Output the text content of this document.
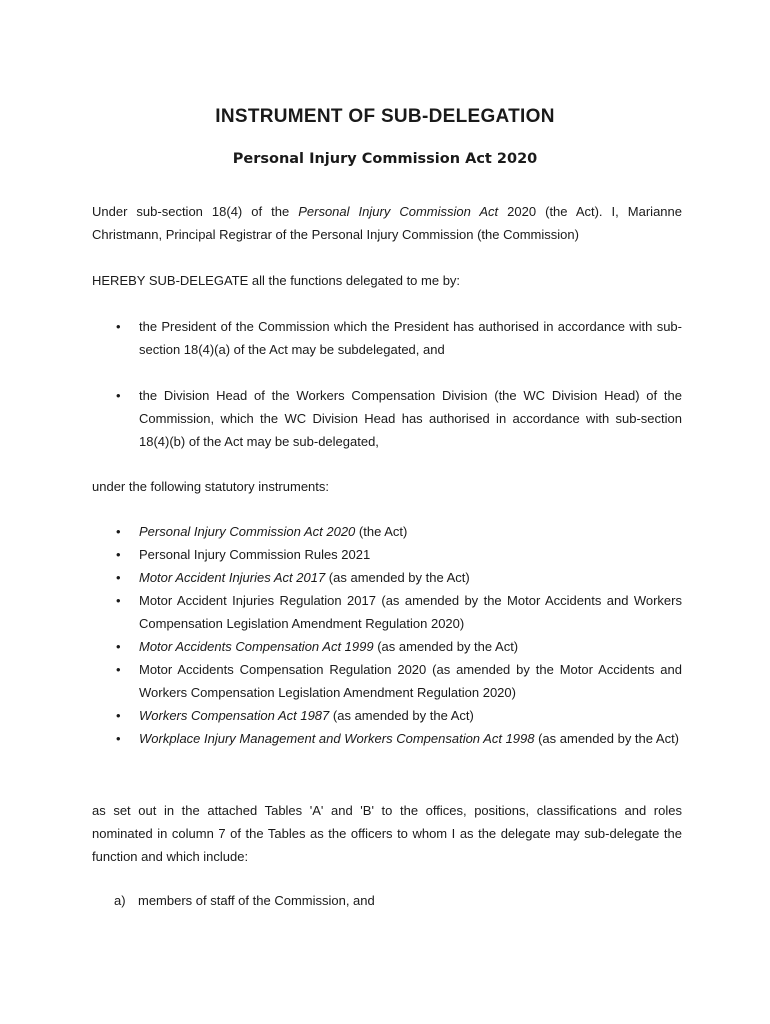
INSTRUMENT OF SUB-DELEGATION
Personal Injury Commission Act 2020
Under sub-section 18(4) of the Personal Injury Commission Act 2020 (the Act). I, Marianne Christmann, Principal Registrar of the Personal Injury Commission (the Commission)
HEREBY SUB-DELEGATE all the functions delegated to me by:
• the President of the Commission which the President has authorised in accordance with sub-section 18(4)(a) of the Act may be subdelegated, and
• the Division Head of the Workers Compensation Division (the WC Division Head) of the Commission, which the WC Division Head has authorised in accordance with sub-section 18(4)(b) of the Act may be sub-delegated,
under the following statutory instruments:
• Personal Injury Commission Act 2020 (the Act)
• Personal Injury Commission Rules 2021
• Motor Accident Injuries Act 2017 (as amended by the Act)
• Motor Accident Injuries Regulation 2017 (as amended by the Motor Accidents and Workers Compensation Legislation Amendment Regulation 2020)
• Motor Accidents Compensation Act 1999 (as amended by the Act)
• Motor Accidents Compensation Regulation 2020 (as amended by the Motor Accidents and Workers Compensation Legislation Amendment Regulation 2020)
• Workers Compensation Act 1987 (as amended by the Act)
• Workplace Injury Management and Workers Compensation Act 1998 (as amended by the Act)
as set out in the attached Tables 'A' and 'B' to the offices, positions, classifications and roles nominated in column 7 of the Tables as the officers to whom I as the delegate may sub-delegate the function and which include:
a) members of staff of the Commission, and
